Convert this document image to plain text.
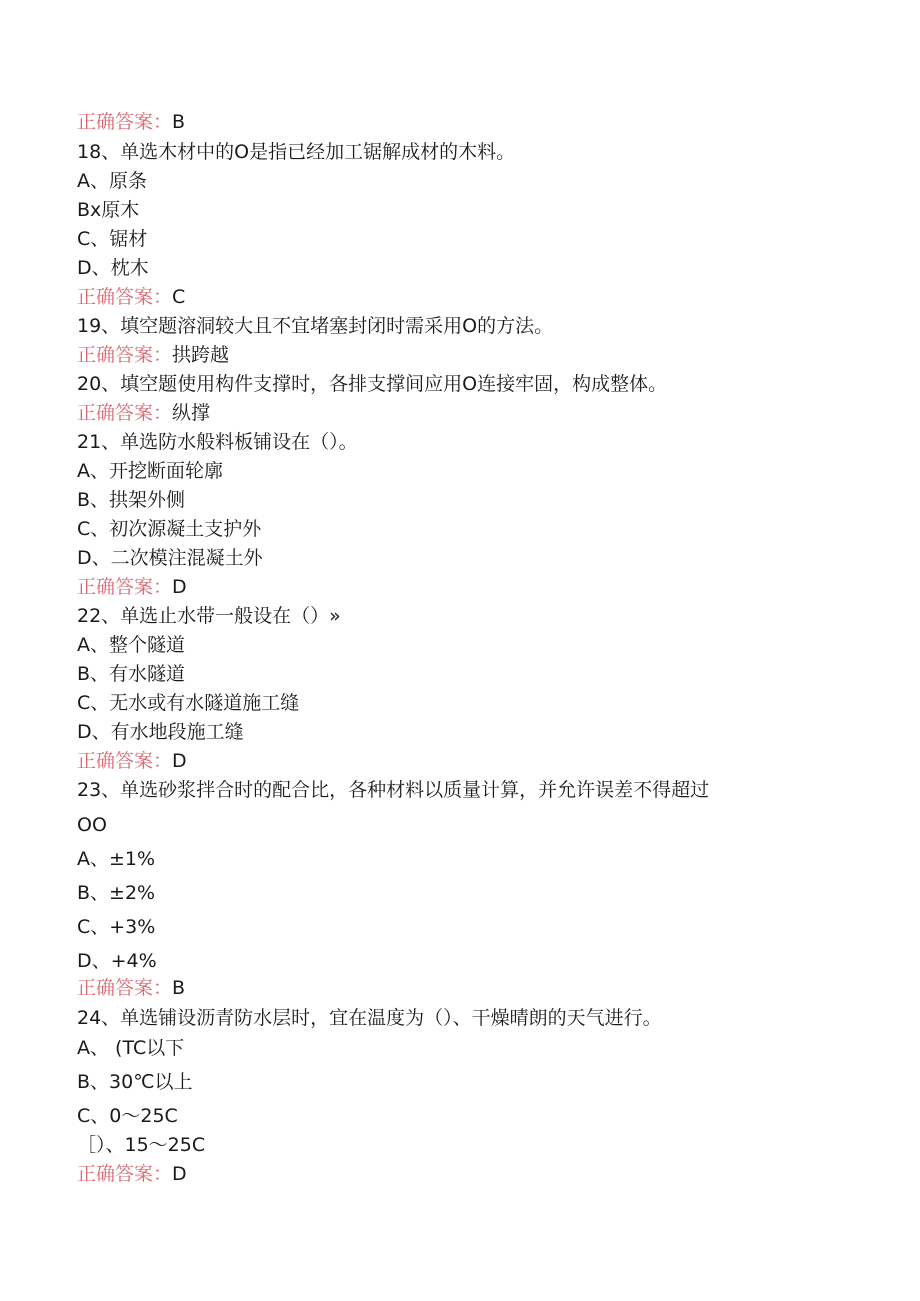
正确答案：B
18、单选木材中的O是指已经加工锯解成材的木料。
A、原条
Bx原木
C、锯材
D、枕木
正确答案：C
19、填空题溶洞较大且不宜堵塞封闭时需采用O的方法。
正确答案：拱跨越
20、填空题使用构件支撑时，各排支撑间应用O连接牢固，构成整体。
正确答案：纵撑
21、单选防水般料板铺设在（）。
A、开挖断面轮廓
B、拱架外侧
C、初次源凝土支护外
D、二次模注混凝土外
正确答案：D
22、单选止水带一般设在（）»
A、整个隧道
B、有水隧道
C、无水或有水隧道施工缝
D、有水地段施工缝
正确答案：D
23、单选砂浆拌合时的配合比，各种材料以质量计算，并允许误差不得超过
OO
A、±1%
B、±2%
C、+3%
D、+4%
正确答案：B
24、单选铺设沥青防水层时，宜在温度为（）、干燥晴朗的天气进行。
A、 (TC以下
B、30℃以上
C、0〜25C
［）、15〜25C
正确答案：D
